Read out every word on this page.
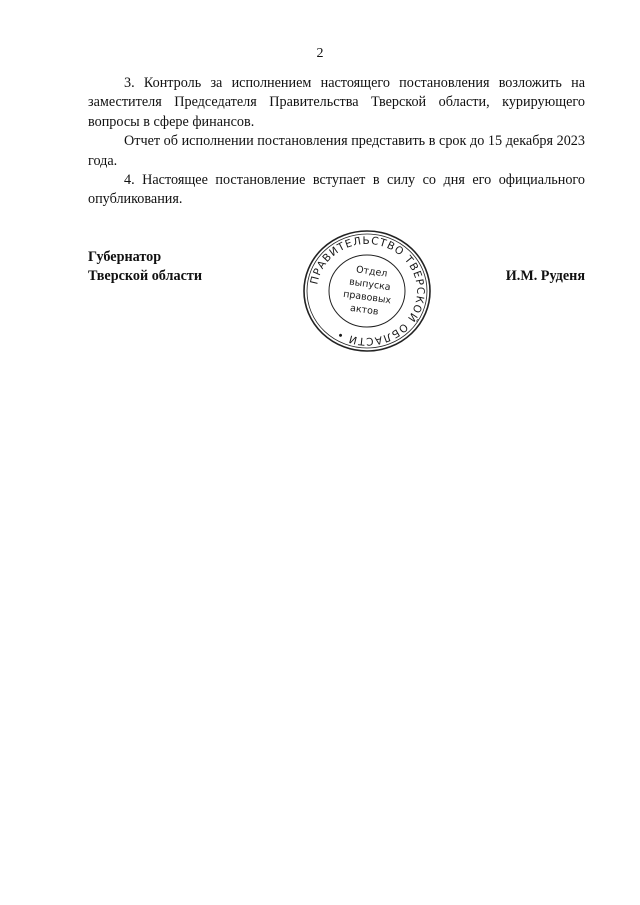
2

3. Контроль за исполнением настоящего постановления возложить на заместителя Председателя Правительства Тверской области, курирующего вопросы в сфере финансов.

Отчет об исполнении постановления представить в срок до 15 декабря 2023 года.

4. Настоящее постановление вступает в силу со дня его официального опубликования.

Губернатор
Тверской области	И.М. Руденя
ПРАВИТЕЛЬСТВО ТВЕРСКОЙ ОБЛАСТИ •
Отдел
выпуска
правовых
актов
